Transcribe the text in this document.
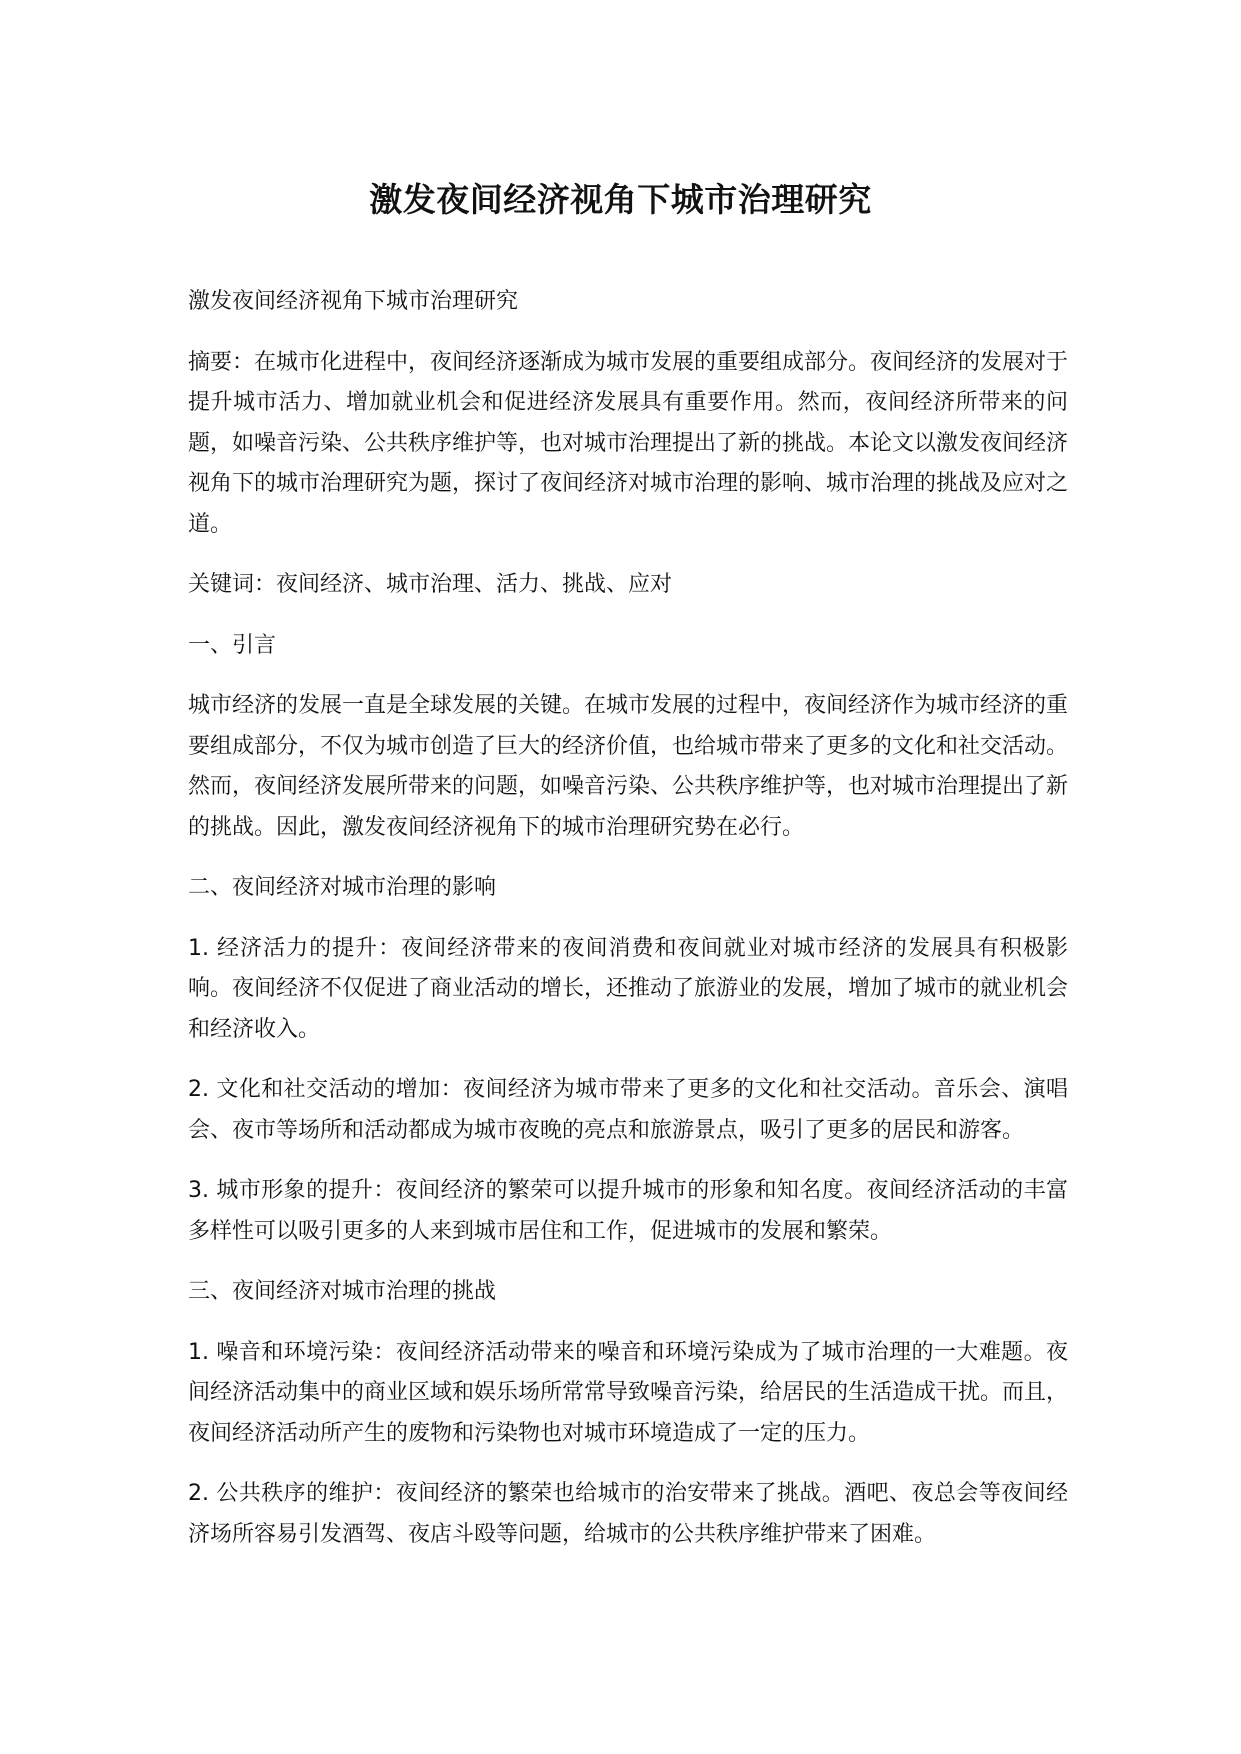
激发夜间经济视角下城市治理研究

激发夜间经济视角下城市治理研究

摘要：在城市化进程中，夜间经济逐渐成为城市发展的重要组成部分。夜间经济的发展对于提升城市活力、增加就业机会和促进经济发展具有重要作用。然而，夜间经济所带来的问题，如噪音污染、公共秩序维护等，也对城市治理提出了新的挑战。本论文以激发夜间经济视角下的城市治理研究为题，探讨了夜间经济对城市治理的影响、城市治理的挑战及应对之道。

关键词：夜间经济、城市治理、活力、挑战、应对

一、引言

城市经济的发展一直是全球发展的关键。在城市发展的过程中，夜间经济作为城市经济的重要组成部分，不仅为城市创造了巨大的经济价值，也给城市带来了更多的文化和社交活动。然而，夜间经济发展所带来的问题，如噪音污染、公共秩序维护等，也对城市治理提出了新的挑战。因此，激发夜间经济视角下的城市治理研究势在必行。

二、夜间经济对城市治理的影响

1. 经济活力的提升：夜间经济带来的夜间消费和夜间就业对城市经济的发展具有积极影响。夜间经济不仅促进了商业活动的增长，还推动了旅游业的发展，增加了城市的就业机会和经济收入。

2. 文化和社交活动的增加：夜间经济为城市带来了更多的文化和社交活动。音乐会、演唱会、夜市等场所和活动都成为城市夜晚的亮点和旅游景点，吸引了更多的居民和游客。

3. 城市形象的提升：夜间经济的繁荣可以提升城市的形象和知名度。夜间经济活动的丰富多样性可以吸引更多的人来到城市居住和工作，促进城市的发展和繁荣。

三、夜间经济对城市治理的挑战

1. 噪音和环境污染：夜间经济活动带来的噪音和环境污染成为了城市治理的一大难题。夜间经济活动集中的商业区域和娱乐场所常常导致噪音污染，给居民的生活造成干扰。而且，夜间经济活动所产生的废物和污染物也对城市环境造成了一定的压力。

2. 公共秩序的维护：夜间经济的繁荣也给城市的治安带来了挑战。酒吧、夜总会等夜间经济场所容易引发酒驾、夜店斗殴等问题，给城市的公共秩序维护带来了困难。
